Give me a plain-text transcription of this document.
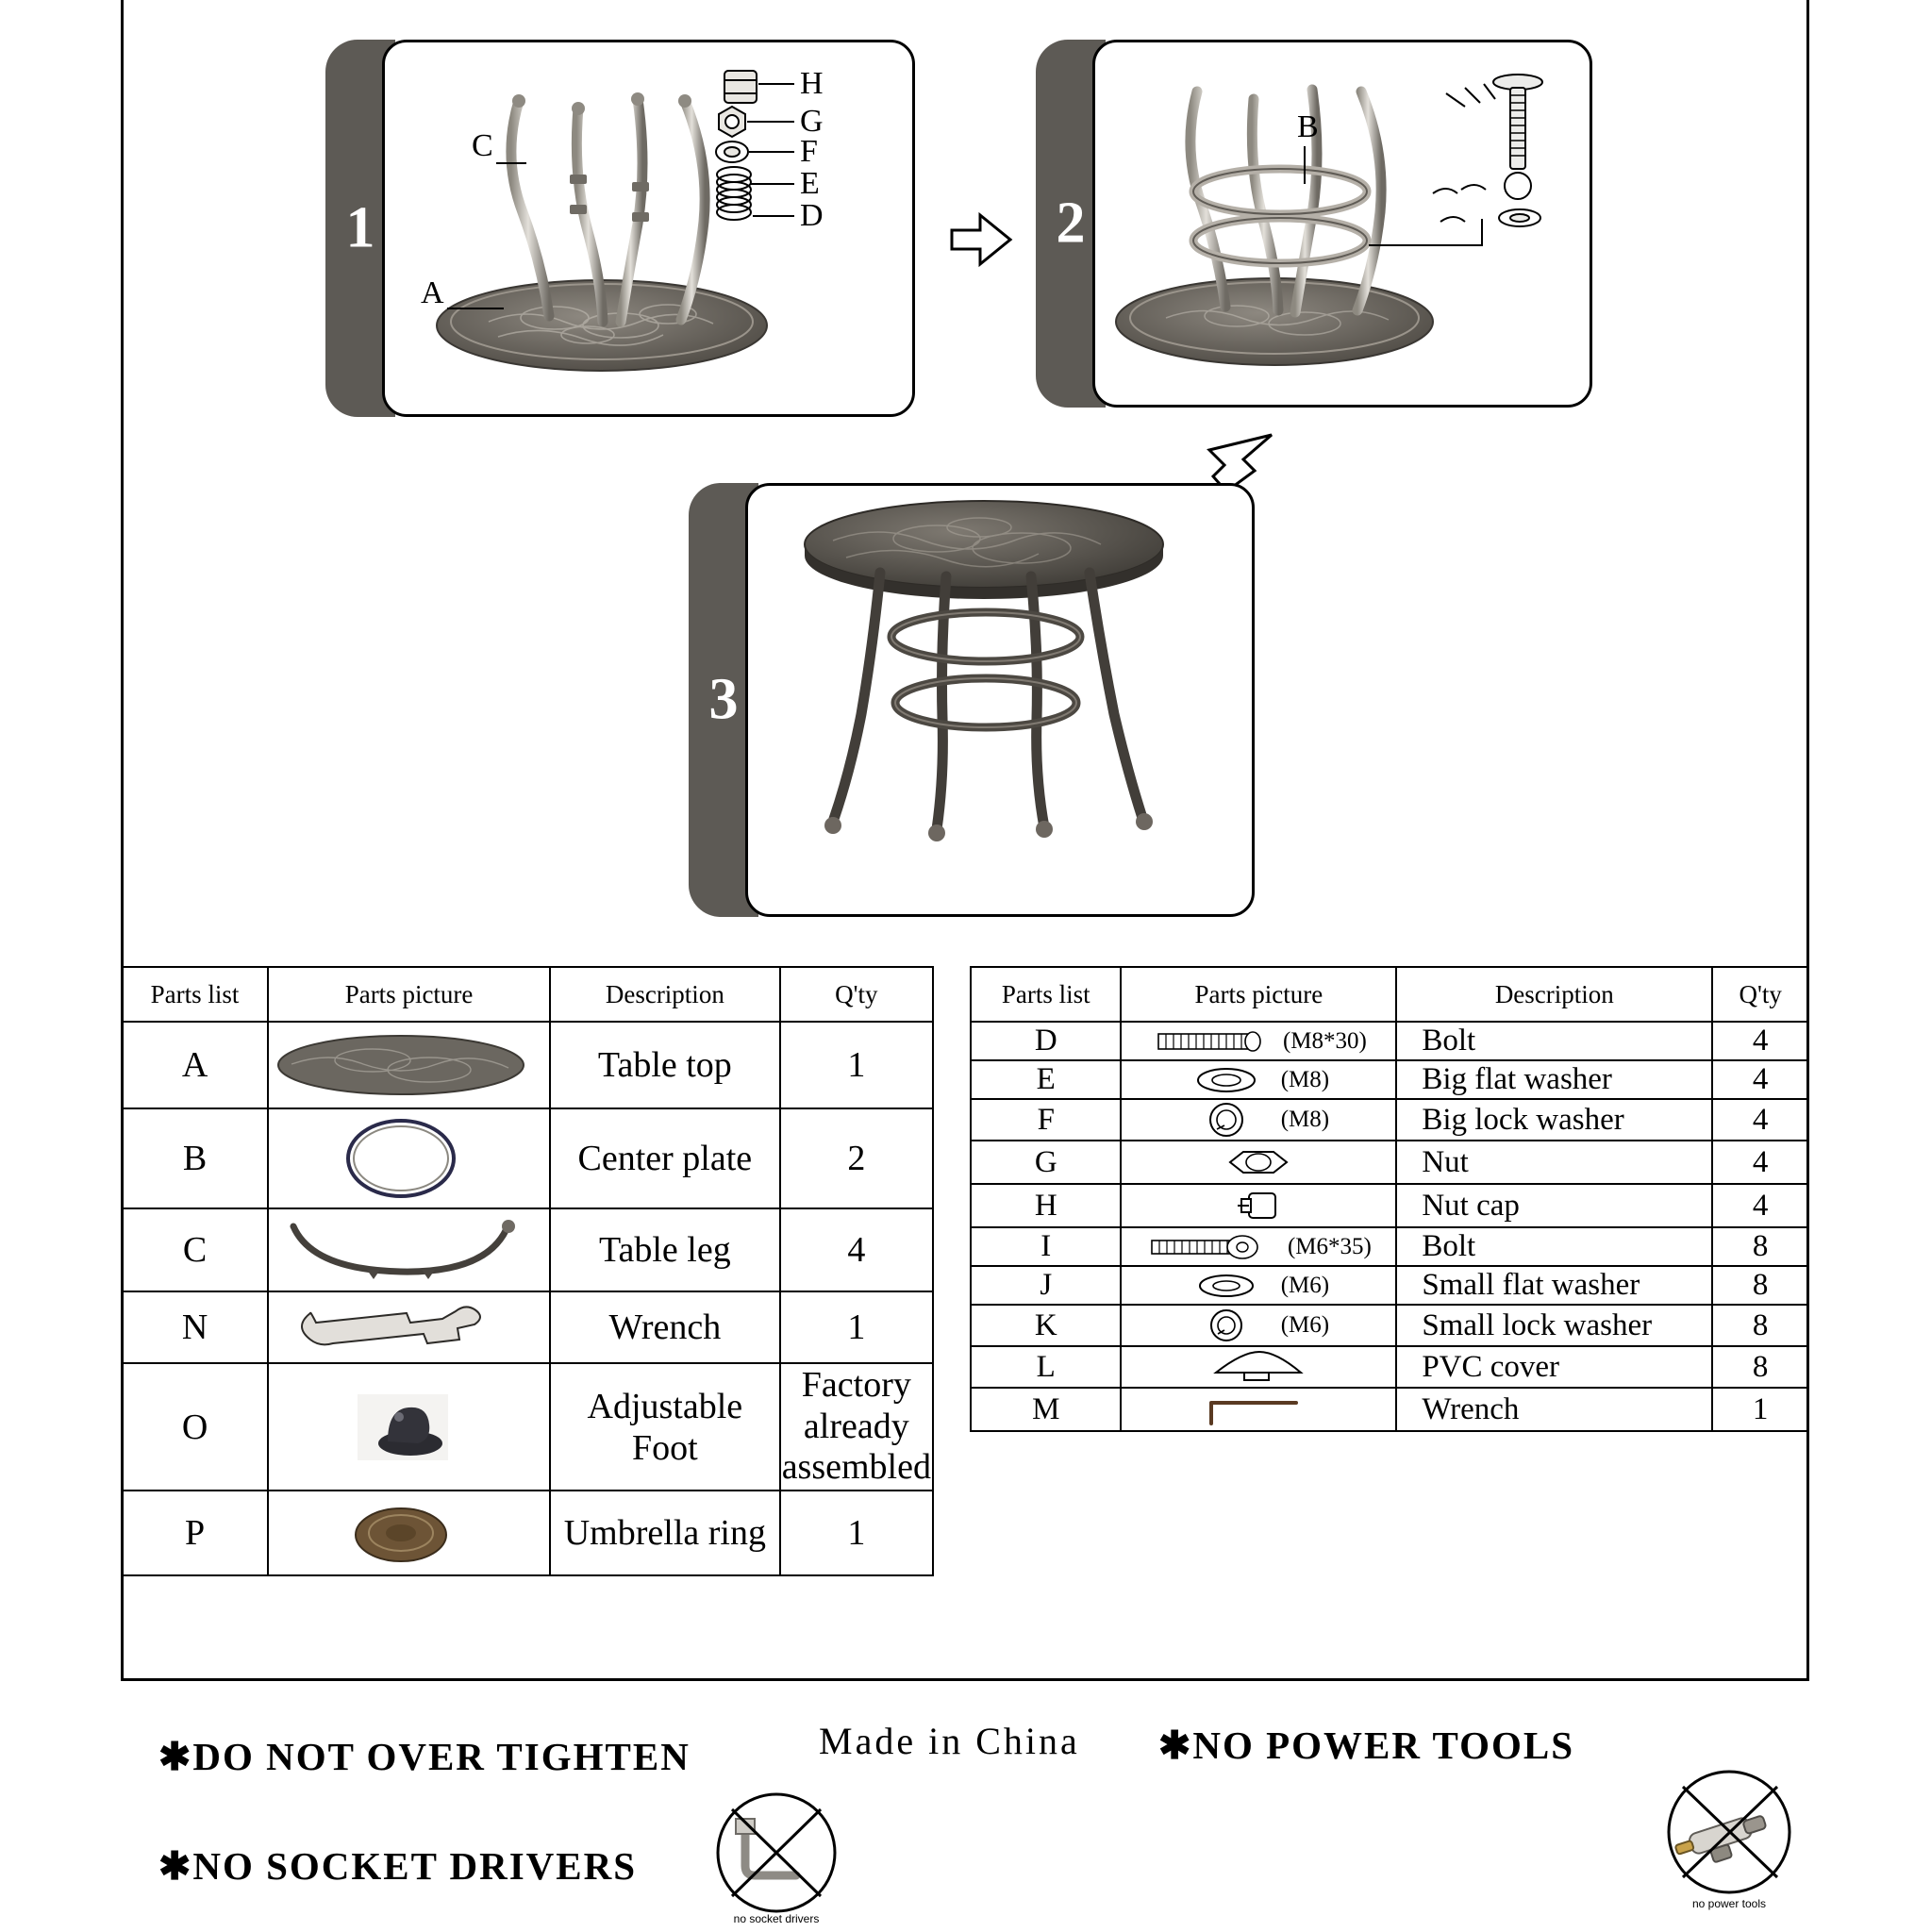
1
H
G
F
E
D
C
A
2
B
3
Parts list	Parts picture	Description	Q'ty
A		Table top	1
B		Center plate	2
C		Table leg	4
N		Wrench	1
O		Adjustable Foot	Factory already assembled
P		Umbrella ring	1
Parts list	Parts picture	Description	Q'ty
D	(M8*30)	Bolt	4
E	(M8)	Big flat washer	4
F	(M8)	Big lock washer	4
G		Nut	4
H		Nut cap	4
I	(M6*35)	Bolt	8
J	(M6)	Small flat washer	8
K	(M6)	Small lock washer	8
L		PVC cover	8
M		Wrench	1
✱DO NOT OVER TIGHTEN
✱NO SOCKET DRIVERS
Made in China ✱NO POWER TOOLS
no socket drivers
no power tools
